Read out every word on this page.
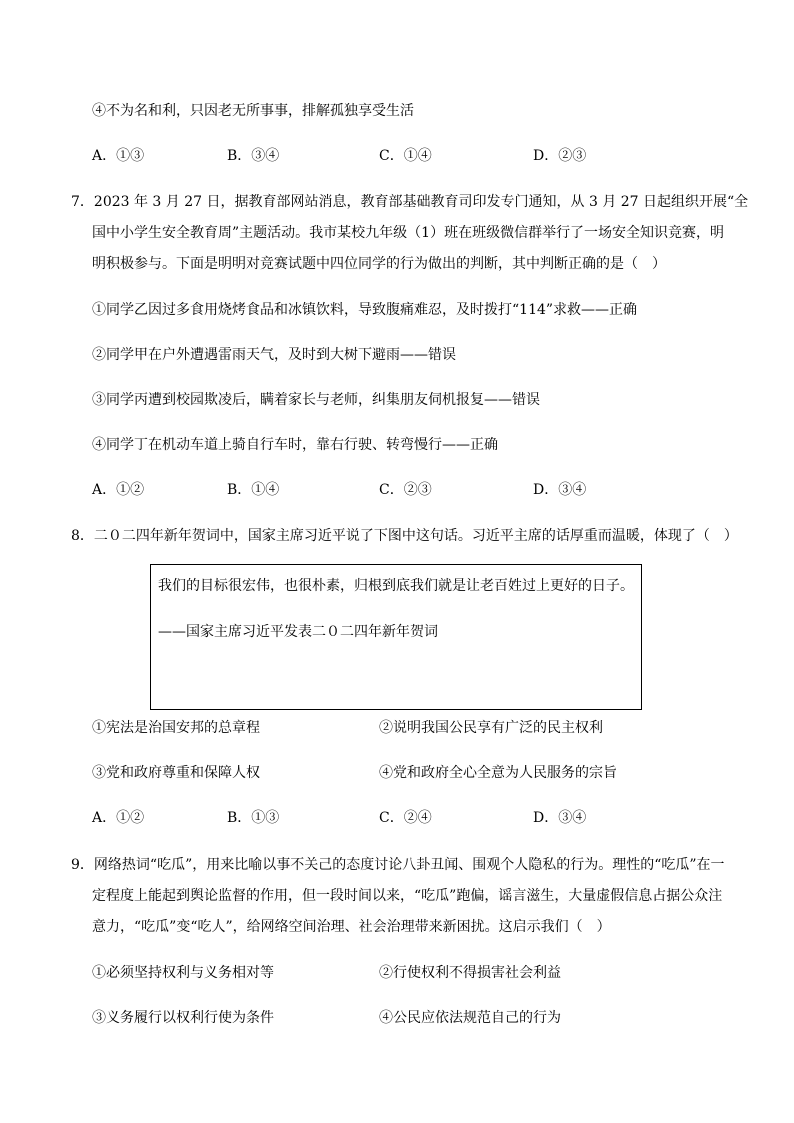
④不为名和利，只因老无所事事，排解孤独享受生活
A．①③	B．③④	C．①④	D．②③
7．2023 年 3 月 27 日，据教育部网站消息，教育部基础教育司印发专门通知，从 3 月 27 日起组织开展“全
国中小学生安全教育周”主题活动。我市某校九年级（1）班在班级微信群举行了一场安全知识竞赛，明
明积极参与。下面是明明对竞赛试题中四位同学的行为做出的判断，其中判断正确的是（　）
①同学乙因过多食用烧烤食品和冰镇饮料，导致腹痛难忍，及时拨打“114”求救——正确
②同学甲在户外遭遇雷雨天气，及时到大树下避雨——错误
③同学丙遭到校园欺凌后，瞒着家长与老师，纠集朋友伺机报复——错误
④同学丁在机动车道上骑自行车时，靠右行驶、转弯慢行——正确
A．①②	B．①④	C．②③	D．③④
8．二０二四年新年贺词中，国家主席习近平说了下图中这句话。习近平主席的话厚重而温暖，体现了（　）
我们的目标很宏伟，也很朴素，归根到底我们就是让老百姓过上更好的日子。
——国家主席习近平发表二０二四年新年贺词
①宪法是治国安邦的总章程	②说明我国公民享有广泛的民主权利
③党和政府尊重和保障人权	④党和政府全心全意为人民服务的宗旨
A．①②	B．①③	C．②④	D．③④
9．网络热词“吃瓜”，用来比喻以事不关己的态度讨论八卦丑闻、围观个人隐私的行为。理性的“吃瓜”在一
定程度上能起到舆论监督的作用，但一段时间以来，“吃瓜”跑偏，谣言滋生，大量虚假信息占据公众注
意力，“吃瓜”变“吃人”，给网络空间治理、社会治理带来新困扰。这启示我们（　）
①必须坚持权利与义务相对等	②行使权利不得损害社会利益
③义务履行以权利行使为条件	④公民应依法规范自己的行为
